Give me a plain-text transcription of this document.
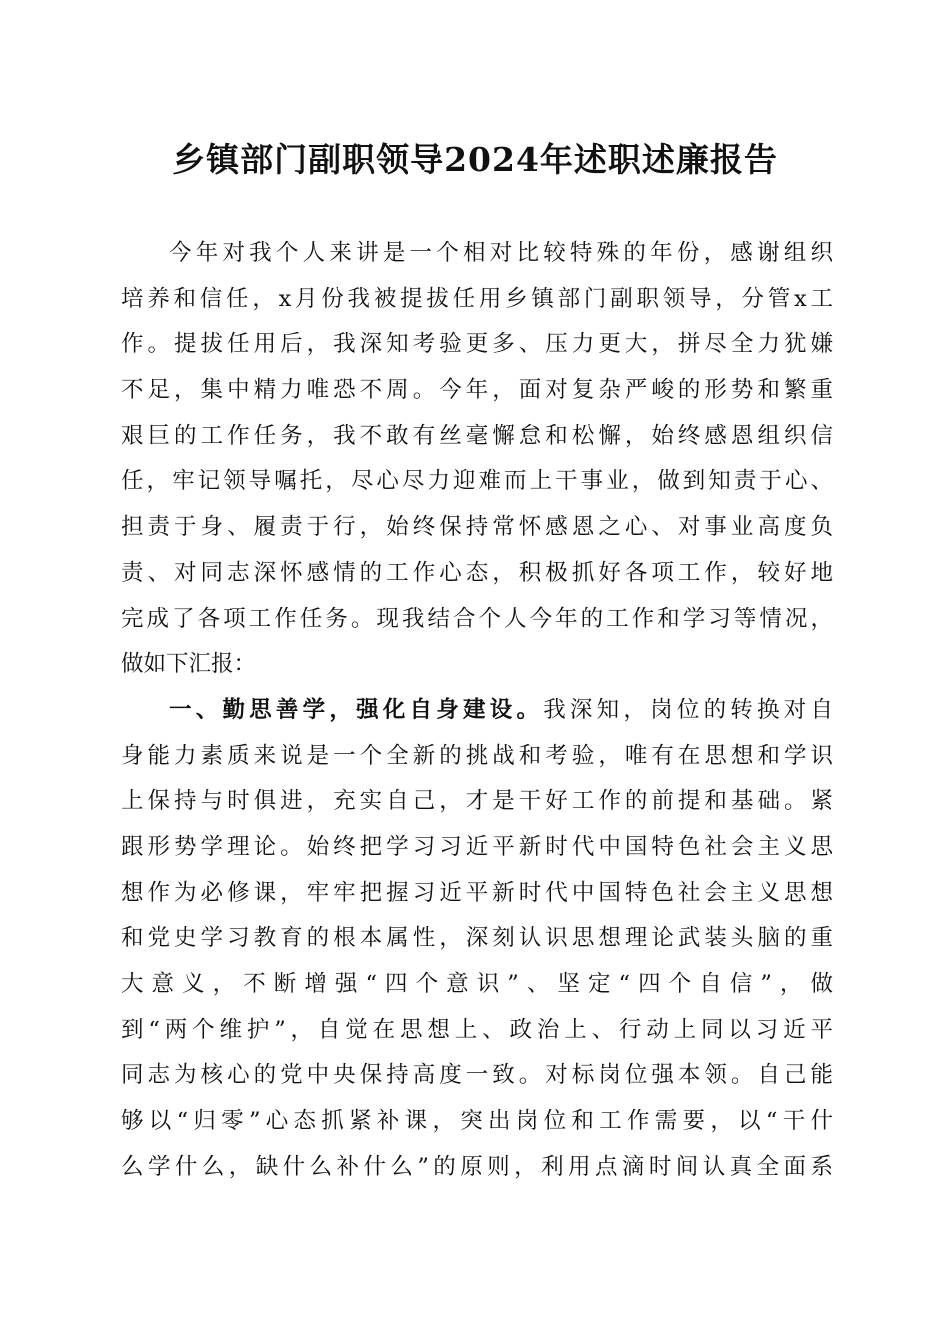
乡镇部门副职领导2024年述职述廉报告
今年对我个人来讲是一个相对比较特殊的年份，感谢组织
培养和信任，x月份我被提拔任用乡镇部门副职领导，分管x工
作。提拔任用后，我深知考验更多、压力更大，拼尽全力犹嫌
不足，集中精力唯恐不周。今年，面对复杂严峻的形势和繁重
艰巨的工作任务，我不敢有丝毫懈怠和松懈，始终感恩组织信
任，牢记领导嘱托，尽心尽力迎难而上干事业，做到知责于心、
担责于身、履责于行，始终保持常怀感恩之心、对事业高度负
责、对同志深怀感情的工作心态，积极抓好各项工作，较好地
完成了各项工作任务。现我结合个人今年的工作和学习等情况，
做如下汇报：
一、勤思善学，强化自身建设。我深知，岗位的转换对自
身能力素质来说是一个全新的挑战和考验，唯有在思想和学识
上保持与时俱进，充实自己，才是干好工作的前提和基础。紧
跟形势学理论。始终把学习习近平新时代中国特色社会主义思
想作为必修课，牢牢把握习近平新时代中国特色社会主义思想
和党史学习教育的根本属性，深刻认识思想理论武装头脑的重
大意义，不断增强“四个意识”、坚定“四个自信”，做
到“两个维护”，自觉在思想上、政治上、行动上同以习近平
同志为核心的党中央保持高度一致。对标岗位强本领。自己能
够以“归零”心态抓紧补课，突出岗位和工作需要，以“干什
么学什么，缺什么补什么”的原则，利用点滴时间认真全面系
